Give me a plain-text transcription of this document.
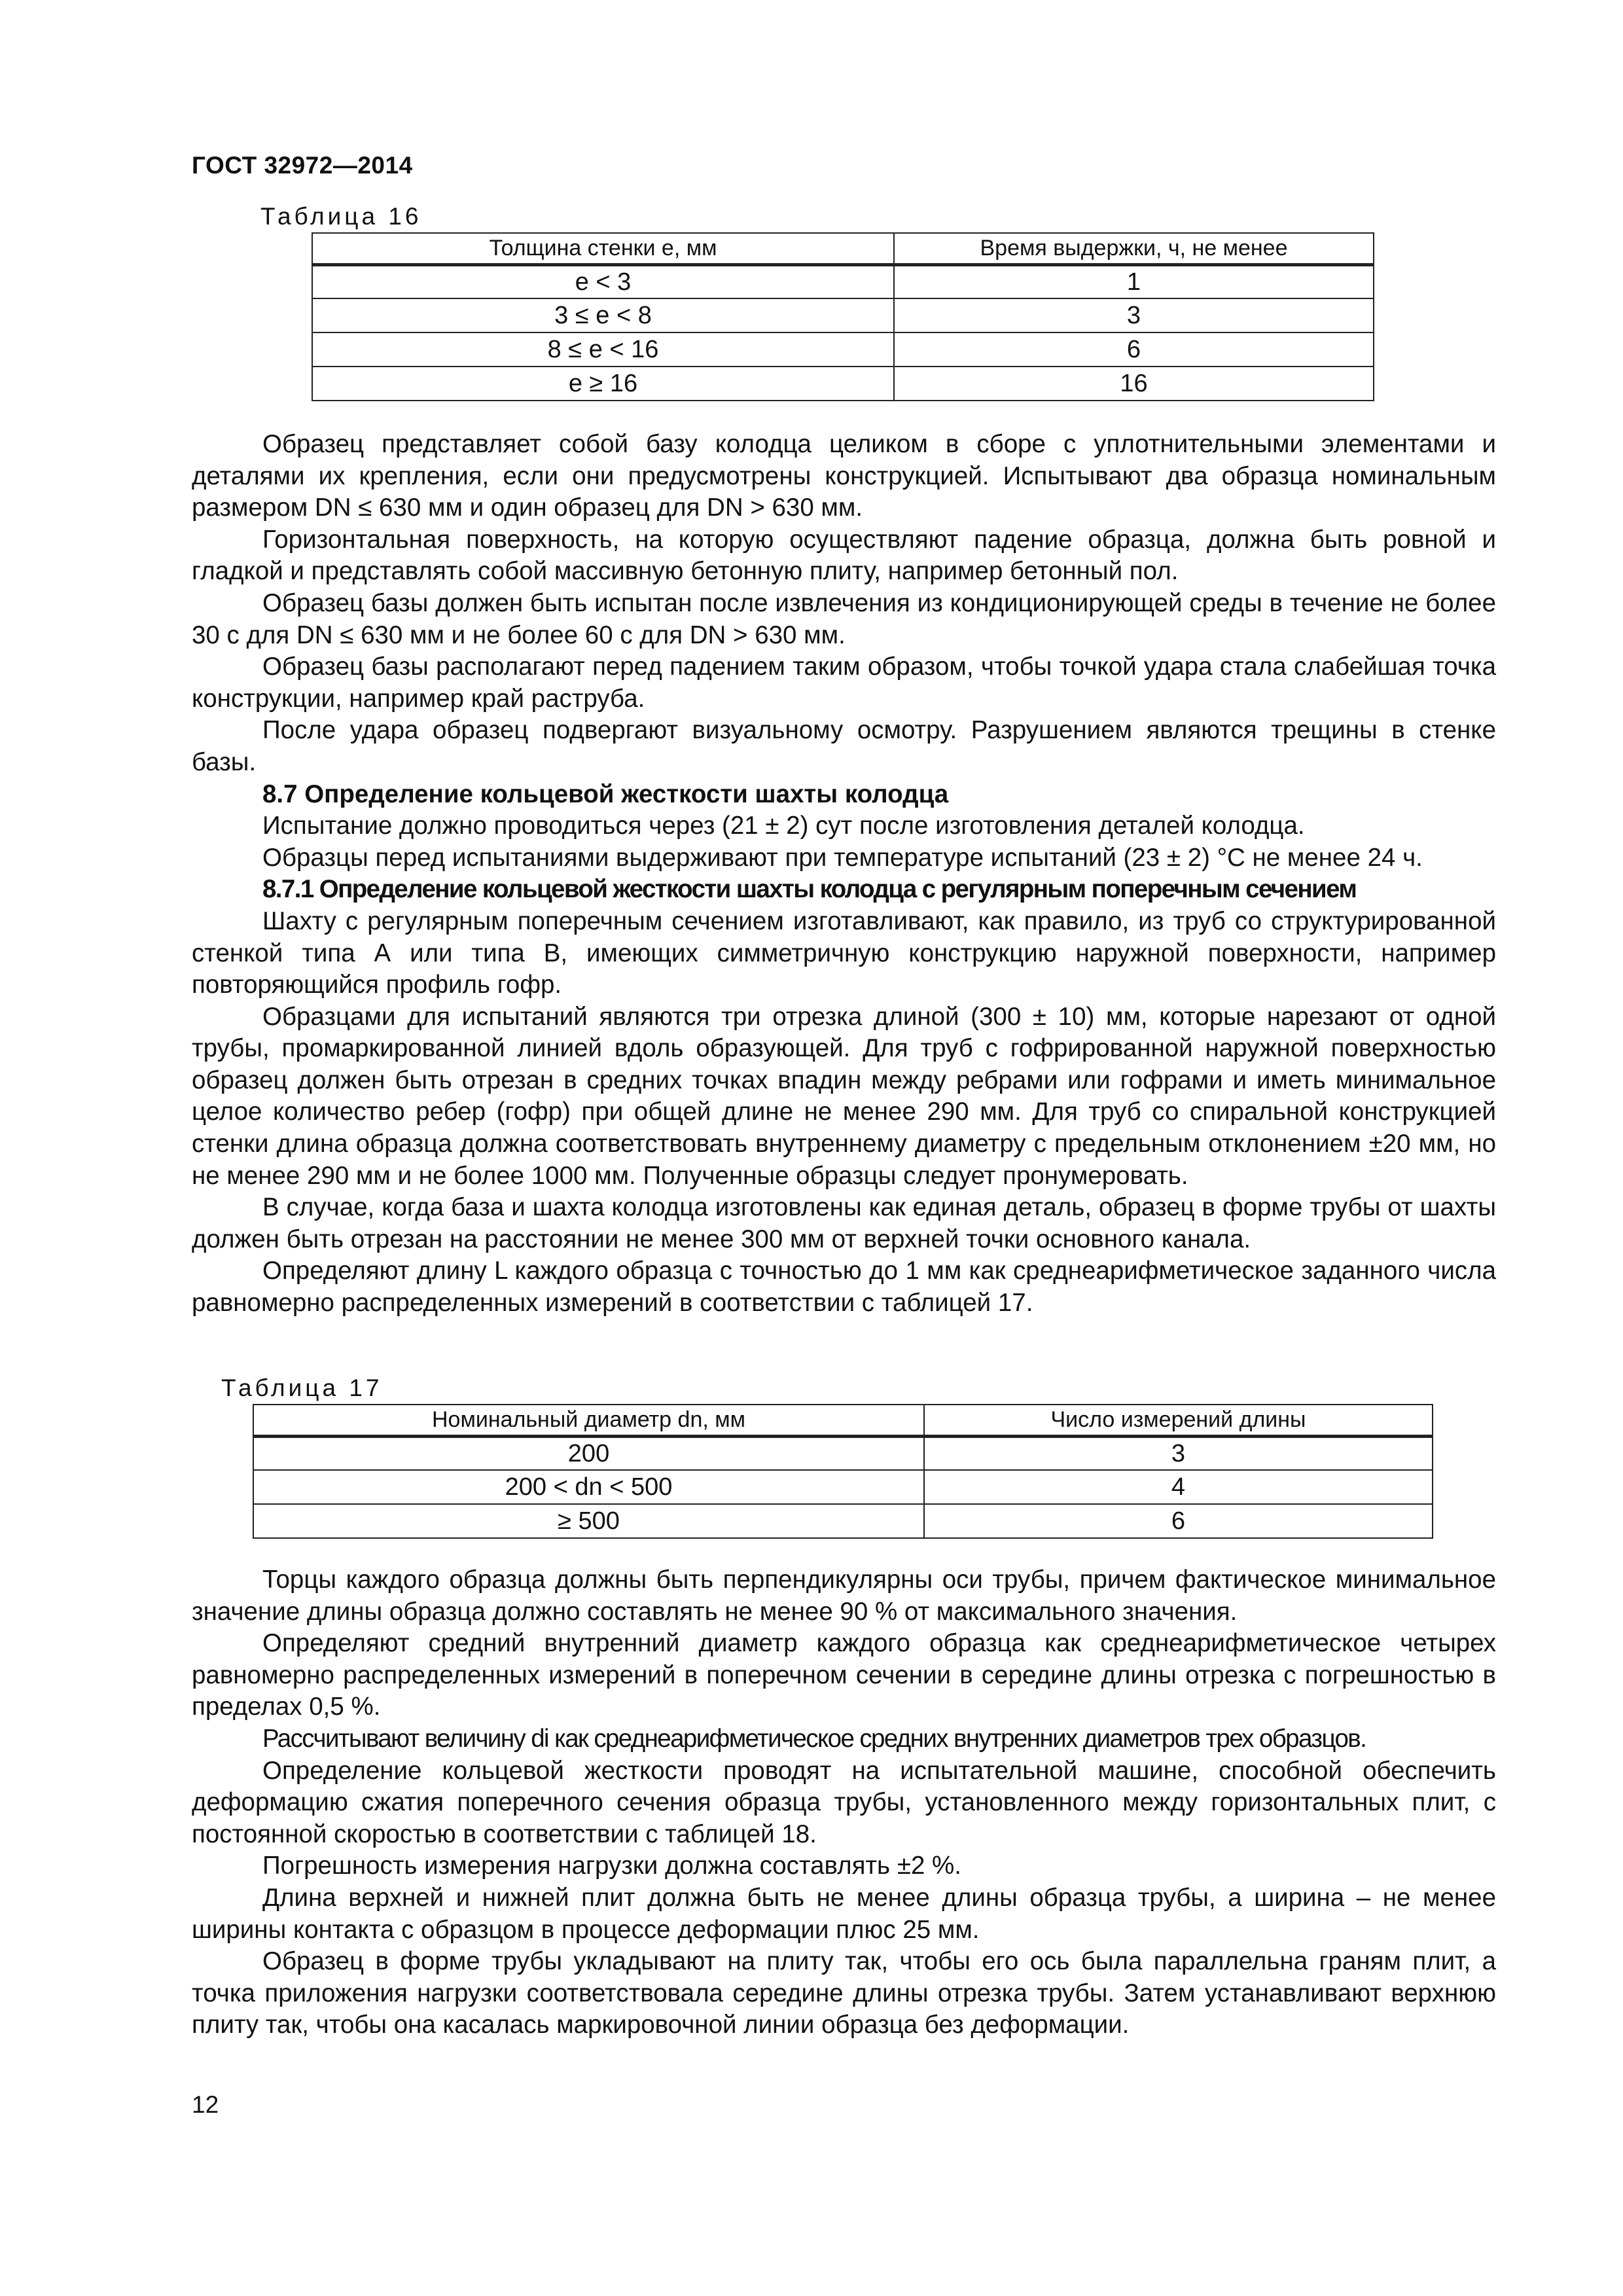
ГОСТ 32972—2014
Таблица 16
Толщина стенки e, мм	Время выдержки, ч, не менее
e < 3	1
3 ≤ e < 8	3
8 ≤ e < 16	6
e ≥ 16	16

Образец представляет собой базу колодца целиком в сборе с уплотнительными элементами и деталями их крепления, если они предусмотрены конструкцией. Испытывают два образца номинальным размером DN ≤ 630 мм и один образец для DN > 630 мм.

Горизонтальная поверхность, на которую осуществляют падение образца, должна быть ровной и гладкой и представлять собой массивную бетонную плиту, например бетонный пол.

Образец базы должен быть испытан после извлечения из кондиционирующей среды в течение не более 30 с для DN ≤ 630 мм и не более 60 с для DN > 630 мм.

Образец базы располагают перед падением таким образом, чтобы точкой удара стала слабейшая точка конструкции, например край раструба.

После удара образец подвергают визуальному осмотру. Разрушением являются трещины в стенке базы.

8.7 Определение кольцевой жесткости шахты колодца

Испытание должно проводиться через (21 ± 2) сут после изготовления деталей колодца.

Образцы перед испытаниями выдерживают при температуре испытаний (23 ± 2) °С не менее 24 ч.

8.7.1 Определение кольцевой жесткости шахты колодца с регулярным поперечным сечением

Шахту с регулярным поперечным сечением изготавливают, как правило, из труб со структурированной стенкой типа А или типа В, имеющих симметричную конструкцию наружной поверхности, например повторяющийся профиль гофр.

Образцами для испытаний являются три отрезка длиной (300 ± 10) мм, которые нарезают от одной трубы, промаркированной линией вдоль образующей. Для труб с гофрированной наружной поверхностью образец должен быть отрезан в средних точках впадин между ребрами или гофрами и иметь минимальное целое количество ребер (гофр) при общей длине не менее 290 мм. Для труб со спиральной конструкцией стенки длина образца должна соответствовать внутреннему диаметру с предельным отклонением ±20 мм, но не менее 290 мм и не более 1000 мм. Полученные образцы следует пронумеровать.

В случае, когда база и шахта колодца изготовлены как единая деталь, образец в форме трубы от шахты должен быть отрезан на расстоянии не менее 300 мм от верхней точки основного канала.

Определяют длину L каждого образца с точностью до 1 мм как среднеарифметическое заданного числа равномерно распределенных измерений в соответствии с таблицей 17.

Таблица 17
Номинальный диаметр dn, мм	Число измерений длины
200	3
200 < dn < 500	4
≥ 500	6

Торцы каждого образца должны быть перпендикулярны оси трубы, причем фактическое минимальное значение длины образца должно составлять не менее 90 % от максимального значения.

Определяют средний внутренний диаметр каждого образца как среднеарифметическое четырех равномерно распределенных измерений в поперечном сечении в середине длины отрезка с погрешностью в пределах 0,5 %.

Рассчитывают величину di как среднеарифметическое средних внутренних диаметров трех образцов.

Определение кольцевой жесткости проводят на испытательной машине, способной обеспечить деформацию сжатия поперечного сечения образца трубы, установленного между горизонтальных плит, с постоянной скоростью в соответствии с таблицей 18.

Погрешность измерения нагрузки должна составлять ±2 %.

Длина верхней и нижней плит должна быть не менее длины образца трубы, а ширина – не менее ширины контакта с образцом в процессе деформации плюс 25 мм.

Образец в форме трубы укладывают на плиту так, чтобы его ось была параллельна граням плит, а точка приложения нагрузки соответствовала середине длины отрезка трубы. Затем устанавливают верхнюю плиту так, чтобы она касалась маркировочной линии образца без деформации.

12
